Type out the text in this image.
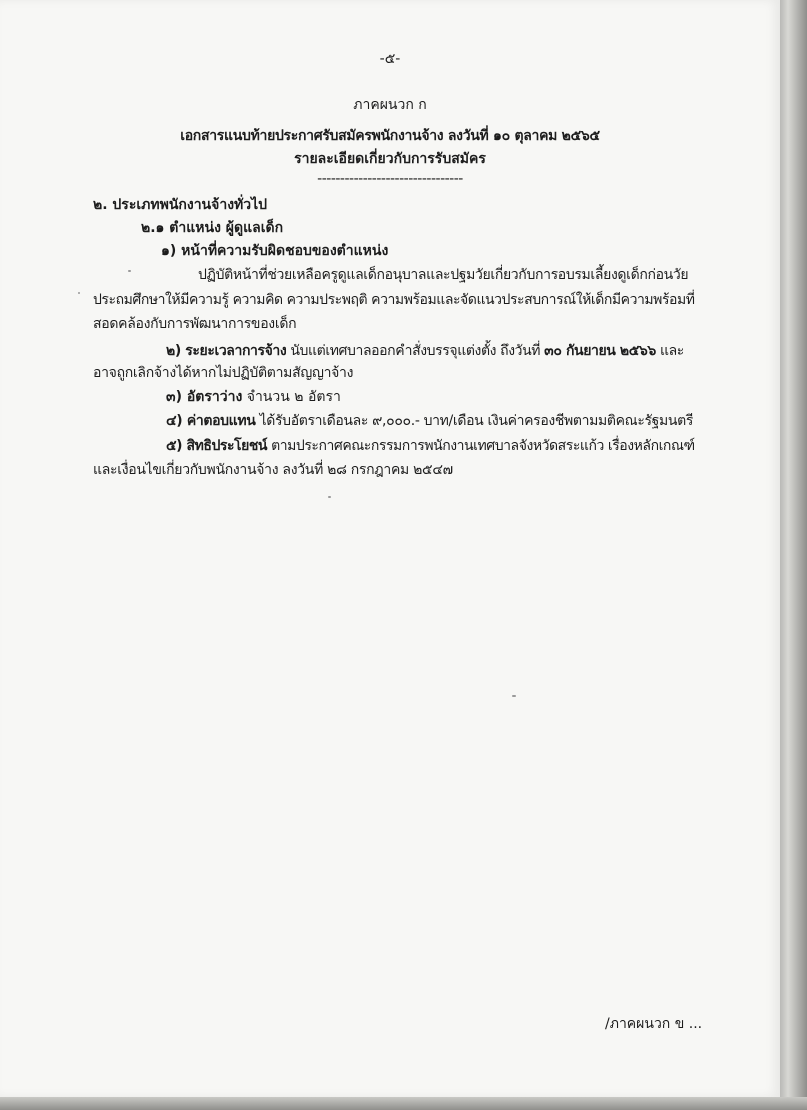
-๕-
ภาคผนวก ก
เอกสารแนบท้ายประกาศรับสมัครพนักงานจ้าง ลงวันที่ ๑๐ ตุลาคม ๒๕๖๕
รายละเอียดเกี่ยวกับการรับสมัคร
--------------------------------
๒. ประเภทพนักงานจ้างทั่วไป
๒.๑ ตำแหน่ง ผู้ดูแลเด็ก
๑) หน้าที่ความรับผิดชอบของตำแหน่ง
ปฏิบัติหน้าที่ช่วยเหลือครูดูแลเด็กอนุบาลและปฐมวัยเกี่ยวกับการอบรมเลี้ยงดูเด็กก่อนวัย
ประถมศึกษาให้มีความรู้ ความคิด ความประพฤติ ความพร้อมและจัดแนวประสบการณ์ให้เด็กมีความพร้อมที่
สอดคล้องกับการพัฒนาการของเด็ก
๒) ระยะเวลาการจ้าง นับแต่เทศบาลออกคำสั่งบรรจุแต่งตั้ง ถึงวันที่ ๓๐ กันยายน ๒๕๖๖ และ
อาจถูกเลิกจ้างได้หากไม่ปฏิบัติตามสัญญาจ้าง
๓) อัตราว่าง จำนวน ๒ อัตรา
๔) ค่าตอบแทน ได้รับอัตราเดือนละ ๙,๐๐๐.- บาท/เดือน เงินค่าครองชีพตามมติคณะรัฐมนตรี
๕) สิทธิประโยชน์ ตามประกาศคณะกรรมการพนักงานเทศบาลจังหวัดสระแก้ว เรื่องหลักเกณฑ์
และเงื่อนไขเกี่ยวกับพนักงานจ้าง ลงวันที่ ๒๘ กรกฎาคม ๒๕๔๗
/ภาคผนวก ข ...
